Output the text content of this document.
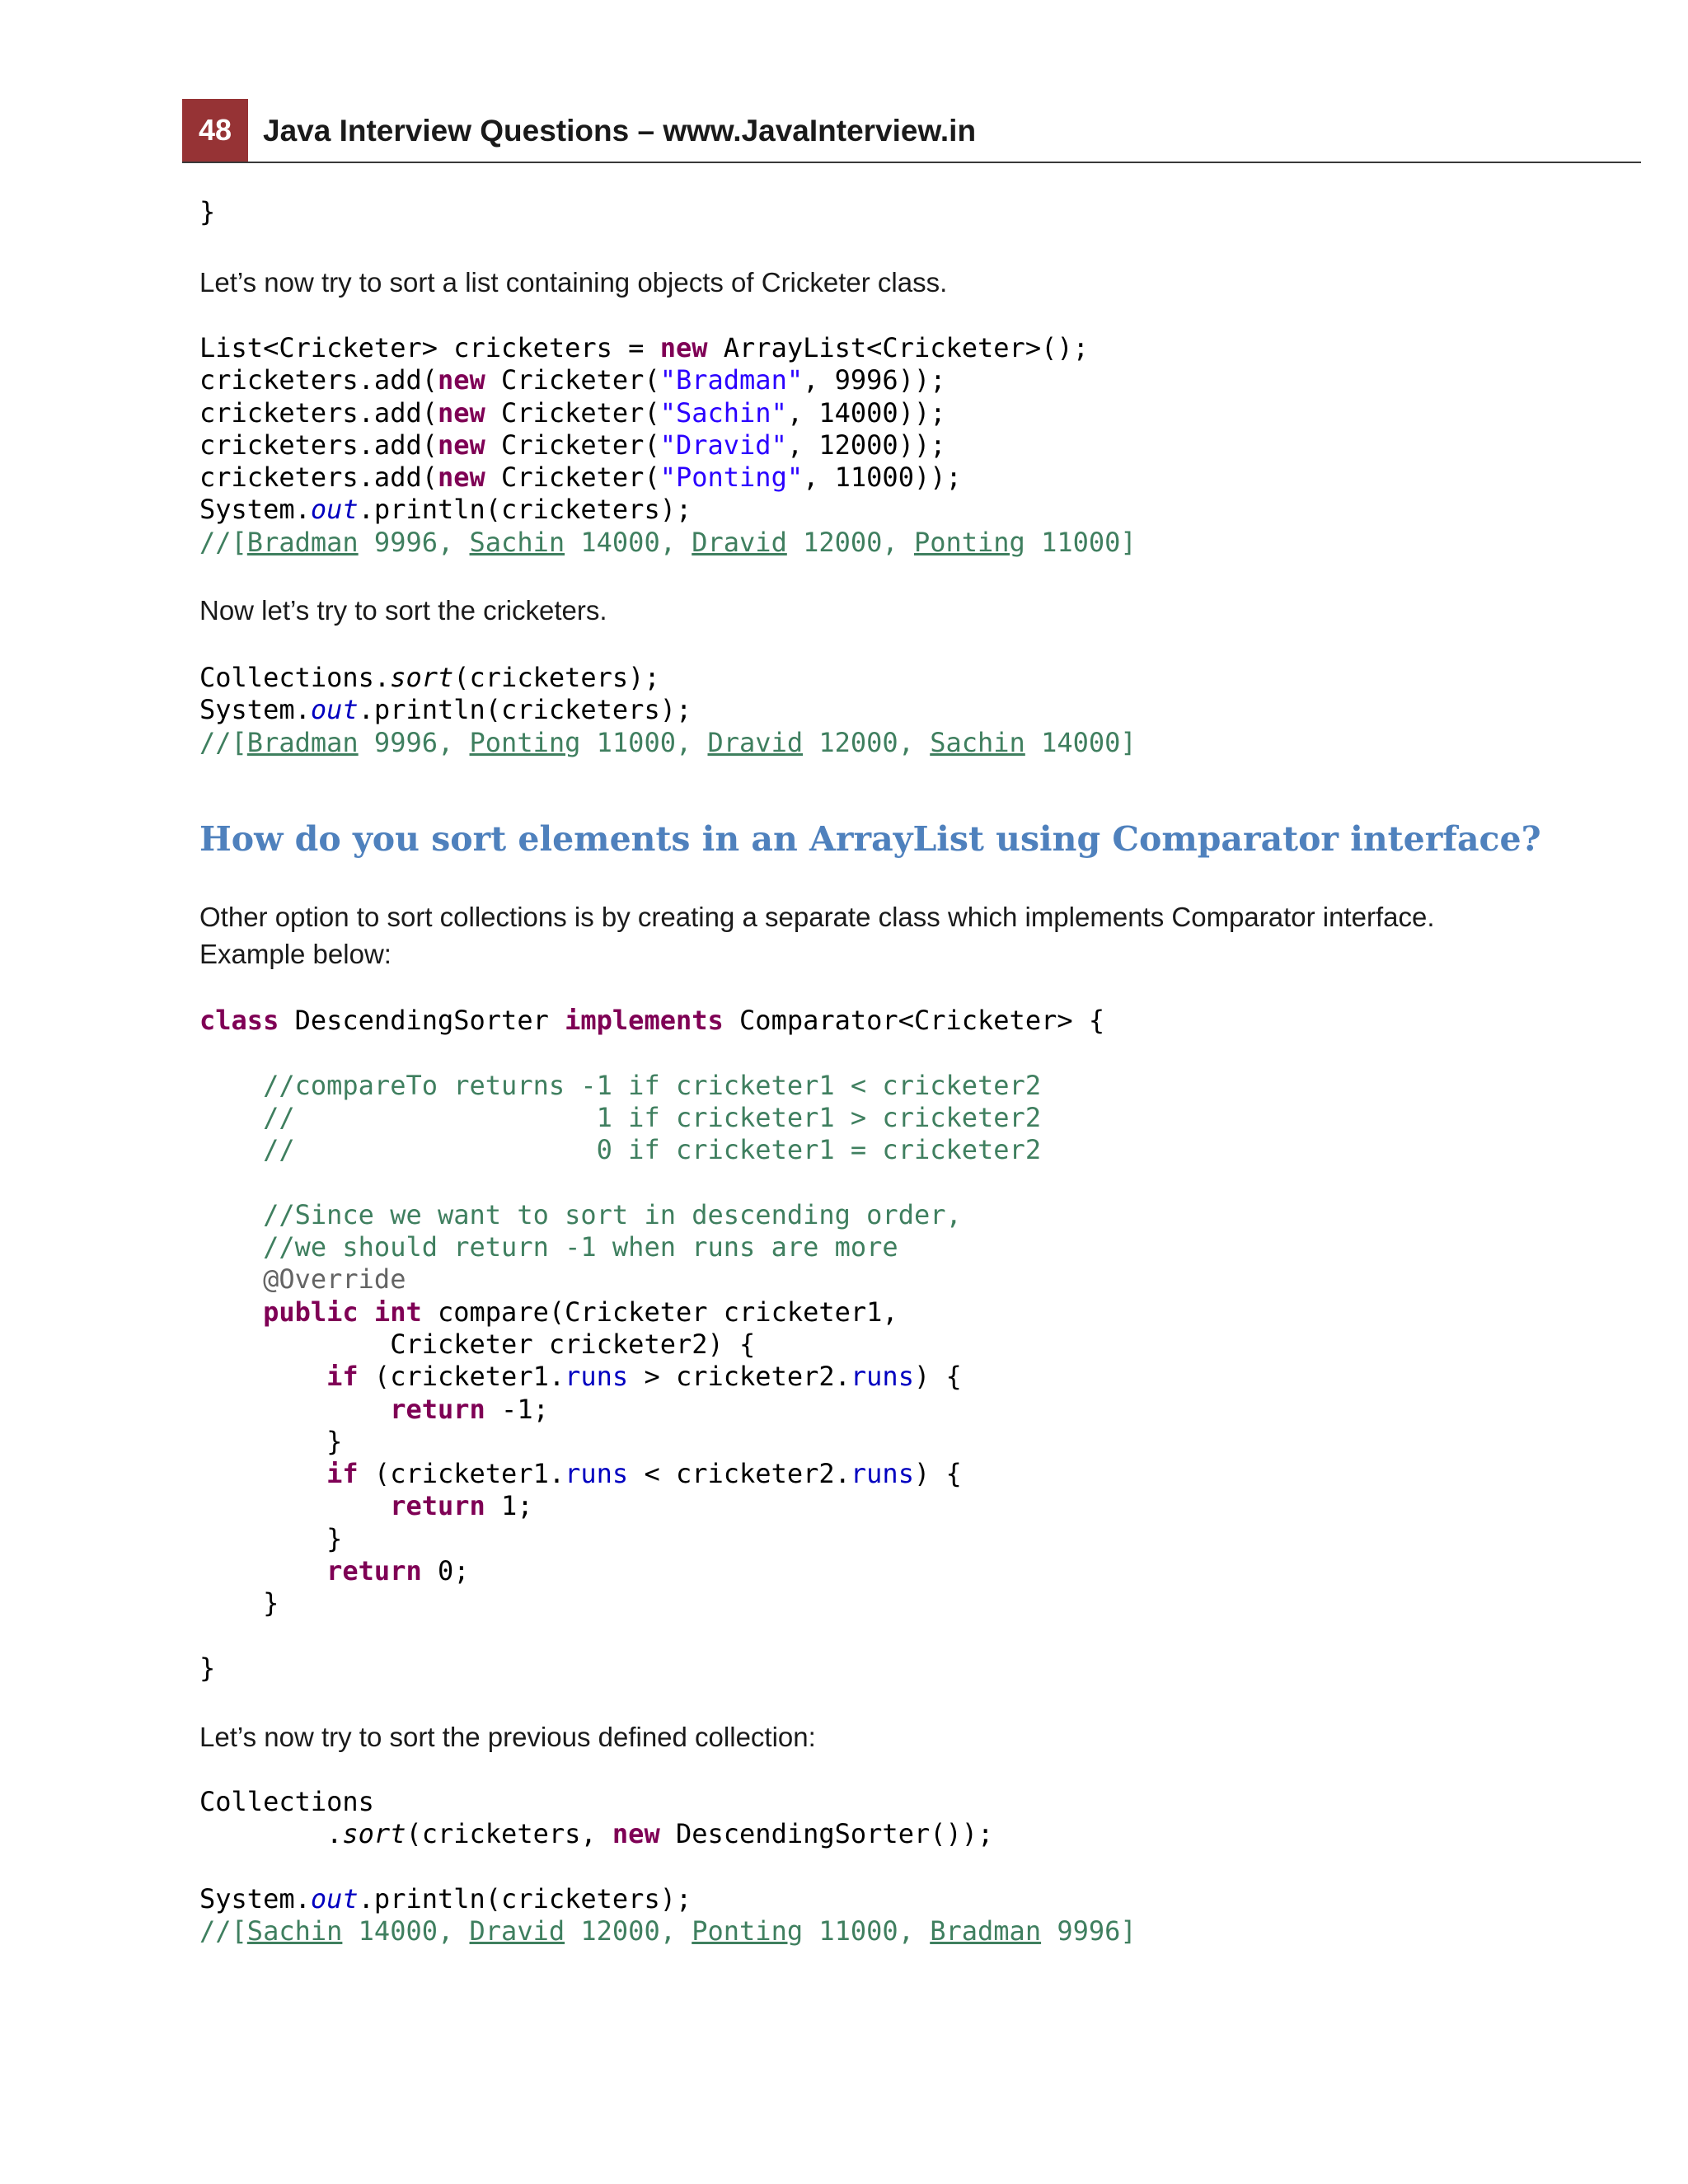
48	Java Interview Questions – www.JavaInterview.in
}
Let’s now try to sort a list containing objects of Cricketer class.
List<Cricketer> cricketers = new ArrayList<Cricketer>();
cricketers.add(new Cricketer("Bradman", 9996));
cricketers.add(new Cricketer("Sachin", 14000));
cricketers.add(new Cricketer("Dravid", 12000));
cricketers.add(new Cricketer("Ponting", 11000));
System.out.println(cricketers);
//[Bradman 9996, Sachin 14000, Dravid 12000, Ponting 11000]
Now let’s try to sort the cricketers.
Collections.sort(cricketers);
System.out.println(cricketers);
//[Bradman 9996, Ponting 11000, Dravid 12000, Sachin 14000]
How do you sort elements in an ArrayList using Comparator interface?
Other option to sort collections is by creating a separate class which implements Comparator interface.
Example below:
class DescendingSorter implements Comparator<Cricketer> {
//compareTo returns -1 if cricketer1 < cricketer2
//                   1 if cricketer1 > cricketer2
//                   0 if cricketer1 = cricketer2
//Since we want to sort in descending order,
//we should return -1 when runs are more
@Override
public int compare(Cricketer cricketer1,
Cricketer cricketer2) {
if (cricketer1.runs > cricketer2.runs) {
return -1;
}
if (cricketer1.runs < cricketer2.runs) {
return 1;
}
return 0;
}
}
Let’s now try to sort the previous defined collection:
Collections
.sort(cricketers, new DescendingSorter());
System.out.println(cricketers);
//[Sachin 14000, Dravid 12000, Ponting 11000, Bradman 9996]
